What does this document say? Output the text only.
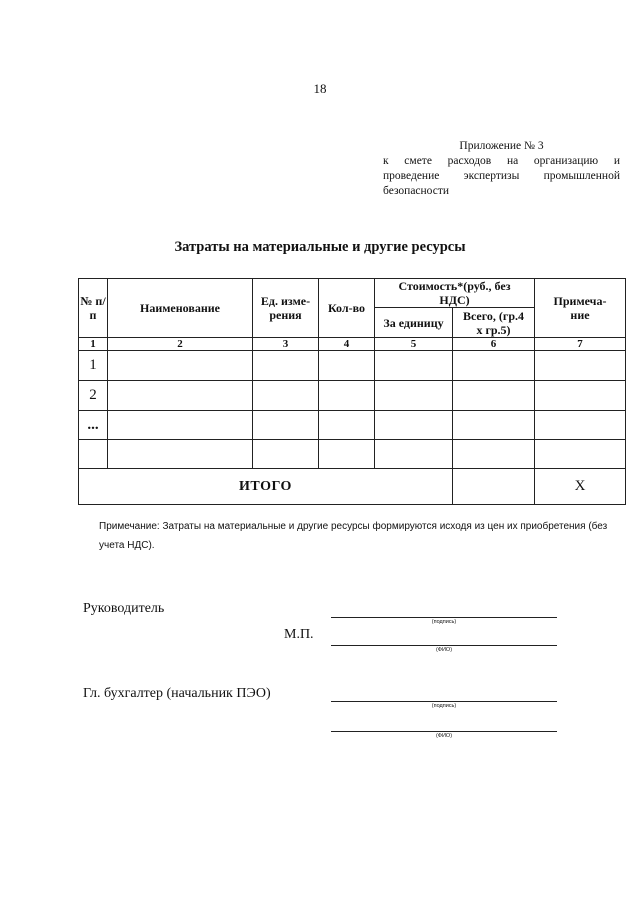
18
Приложение № 3
к смете расходов на организацию и
проведение экспертизы промышленной
безопасности
Затраты на материальные и другие ресурсы
№ п/п	Наименование	Ед. изме-рения	Кол-во	Стоимость*(руб., без НДС)		Примеча-ние
				За единицу	Всего, (гр.4 х гр.5)	
1	2	3	4	5	6	7
1						
2						
...						

ИТОГО						Х
Примечание: Затраты на материальные и другие ресурсы формируются исходя из цен их приобретения (без учета НДС).
Руководитель
(подпись)
М.П.
(ФИО)
Гл. бухгалтер (начальник ПЭО)
(подпись)
(ФИО)
